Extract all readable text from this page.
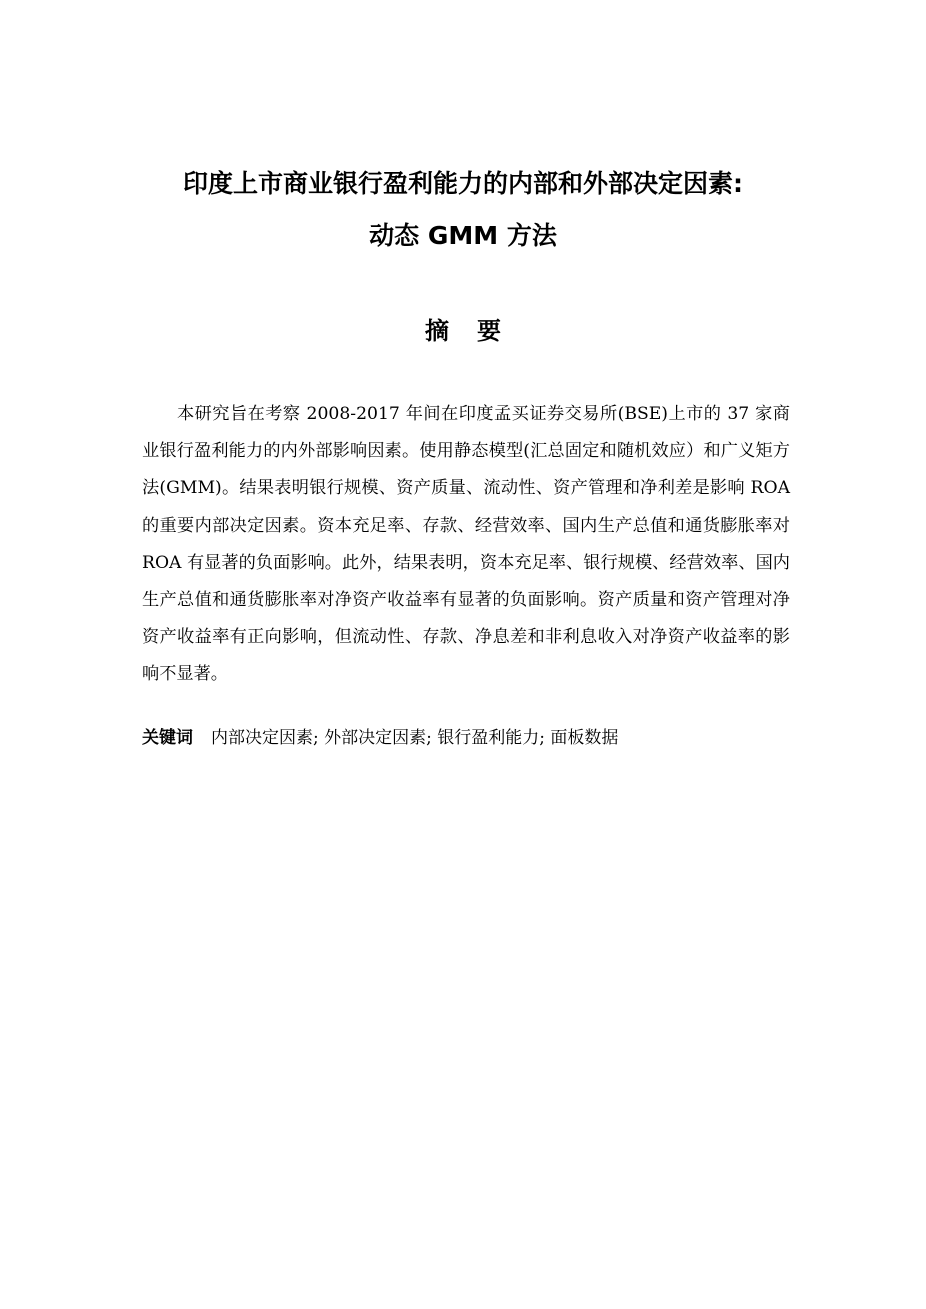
印度上市商业银行盈利能力的内部和外部决定因素:
动态 GMM 方法
摘要

本研究旨在考察 2008-2017 年间在印度孟买证券交易所(BSE)上市的 37 家商业银行盈利能力的内外部影响因素。使用静态模型(汇总固定和随机效应）和广义矩方法(GMM)。结果表明银行规模、资产质量、流动性、资产管理和净利差是影响 ROA 的重要内部决定因素。资本充足率、存款、经营效率、国内生产总值和通货膨胀率对 ROA 有显著的负面影响。此外，结果表明，资本充足率、银行规模、经营效率、国内生产总值和通货膨胀率对净资产收益率有显著的负面影响。资产质量和资产管理对净资产收益率有正向影响，但流动性、存款、净息差和非利息收入对净资产收益率的影响不显著。

关键词 内部决定因素; 外部决定因素; 银行盈利能力; 面板数据
